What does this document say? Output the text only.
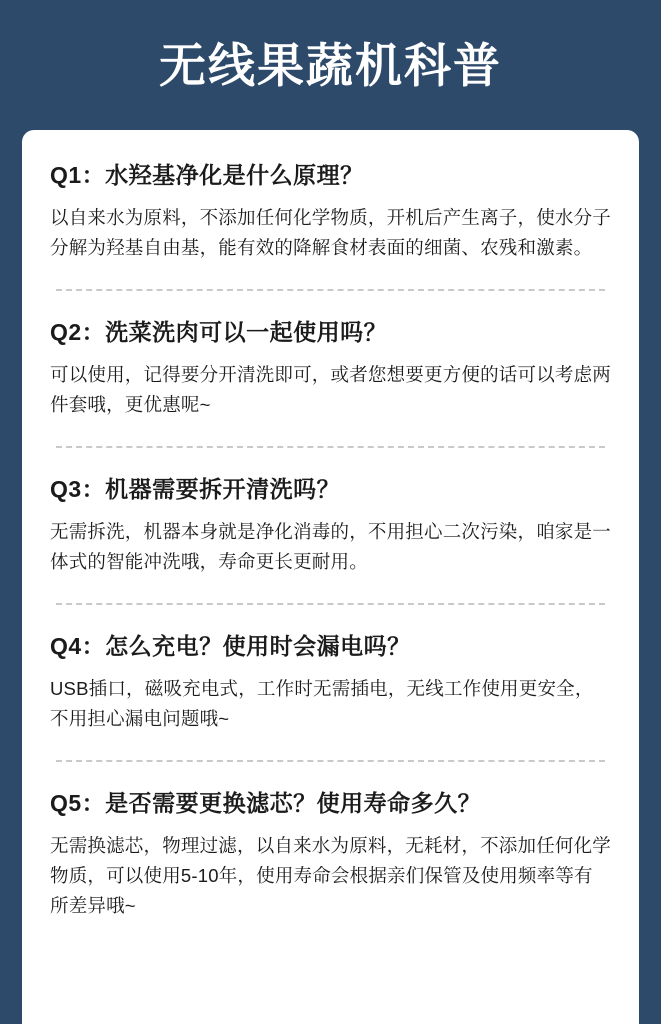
无线果蔬机科普
Q1：水羟基净化是什么原理？
以自来水为原料，不添加任何化学物质，开机后产生离子，使水分子分解为羟基自由基，能有效的降解食材表面的细菌、农残和激素。
Q2：洗菜洗肉可以一起使用吗？
可以使用，记得要分开清洗即可，或者您想要更方便的话可以考虑两件套哦，更优惠呢~
Q3：机器需要拆开清洗吗？
无需拆洗，机器本身就是净化消毒的，不用担心二次污染，咱家是一体式的智能冲洗哦，寿命更长更耐用。
Q4：怎么充电？使用时会漏电吗？
USB插口，磁吸充电式，工作时无需插电，无线工作使用更安全，不用担心漏电问题哦~
Q5：是否需要更换滤芯？使用寿命多久？
无需换滤芯，物理过滤，以自来水为原料，无耗材，不添加任何化学物质，可以使用5-10年，使用寿命会根据亲们保管及使用频率等有所差异哦~
